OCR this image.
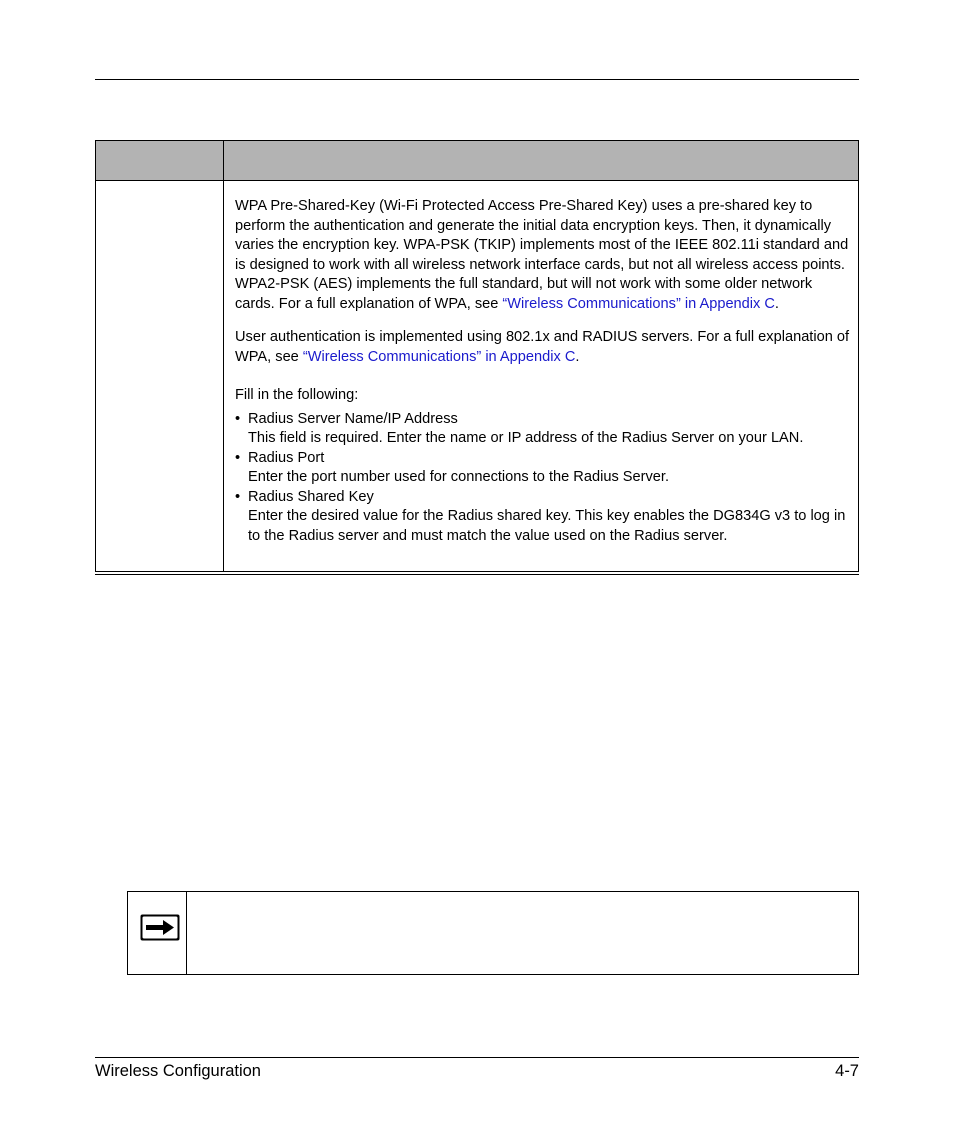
WPA Pre-Shared-Key (Wi-Fi Protected Access Pre-Shared Key) uses a pre-shared key to perform the authentication and generate the initial data encryption keys. Then, it dynamically varies the encryption key. WPA-PSK (TKIP) implements most of the IEEE 802.11i standard and is designed to work with all wireless network interface cards, but not all wireless access points. WPA2-PSK (AES) implements the full standard, but will not work with some older network cards. For a full explanation of WPA, see “Wireless Communications” in Appendix C.

User authentication is implemented using 802.1x and RADIUS servers. For a full explanation of WPA, see “Wireless Communications” in Appendix C.

Fill in the following:

• Radius Server Name/IP Address
This field is required. Enter the name or IP address of the Radius Server on your LAN.
• Radius Port
Enter the port number used for connections to the Radius Server.
• Radius Shared Key
Enter the desired value for the Radius shared key. This key enables the DG834G v3 to log in to the Radius server and must match the value used on the Radius server.
Wireless Configuration	4-7
